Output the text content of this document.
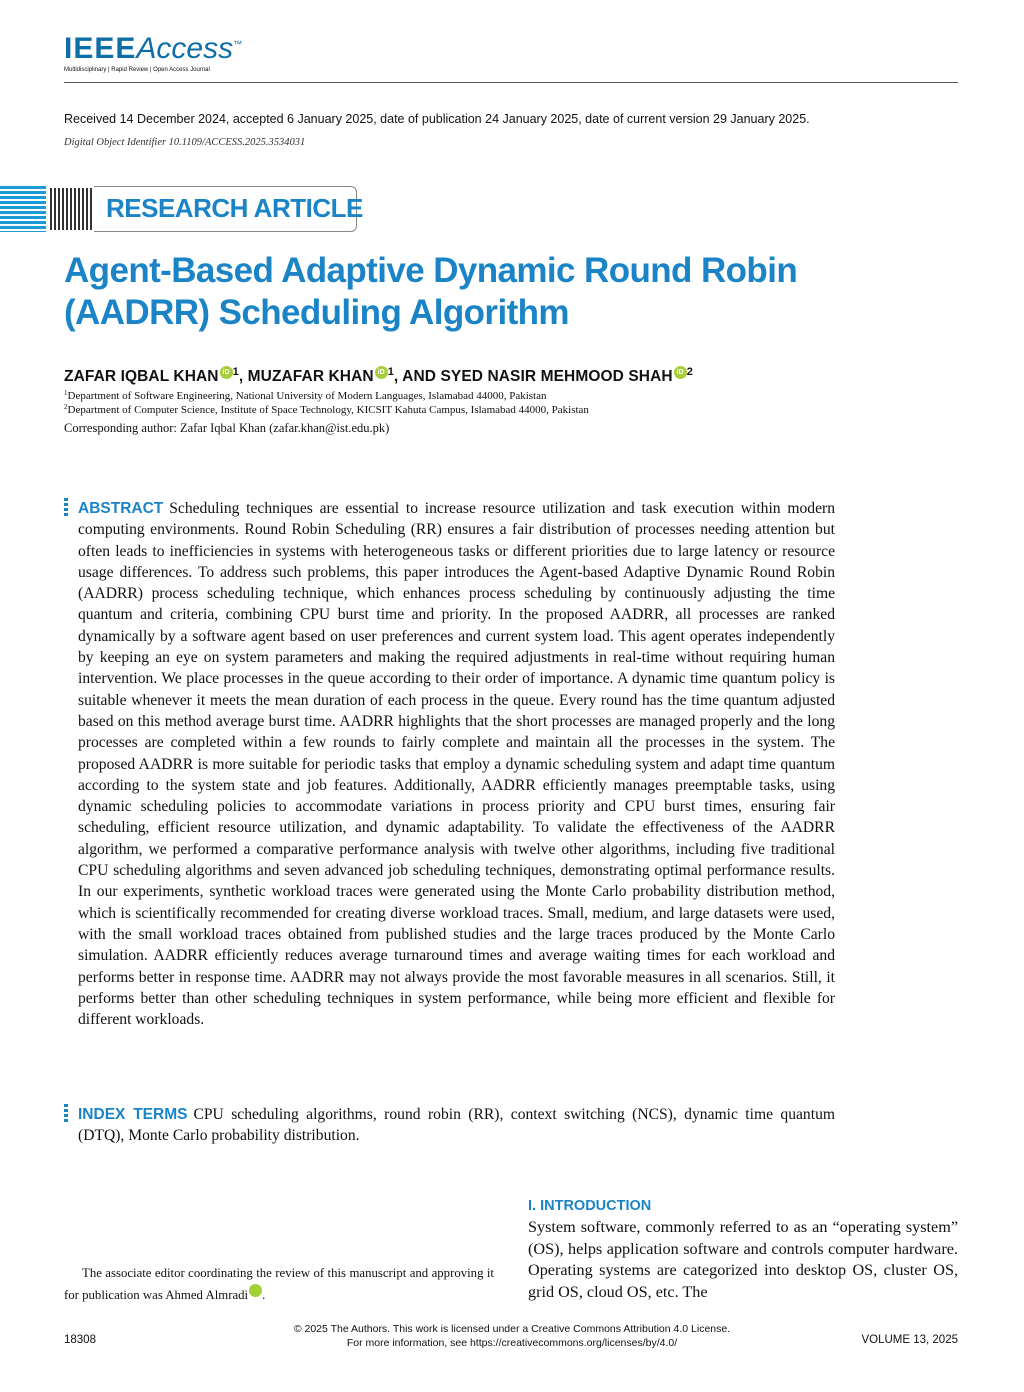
IEEEAccess™
Multidisciplinary | Rapid Review | Open Access Journal
Received 14 December 2024, accepted 6 January 2025, date of publication 24 January 2025, date of current version 29 January 2025.
Digital Object Identifier 10.1109/ACCESS.2025.3534031
RESEARCH ARTICLE
Agent-Based Adaptive Dynamic Round Robin (AADRR) Scheduling Algorithm
ZAFAR IQBAL KHAN iD $^1$, MUZAFAR KHAN iD $^1$, AND SYED NASIR MEHMOOD SHAH iD $^2$
$^1$Department of Software Engineering, National University of Modern Languages, Islamabad 44000, Pakistan
$^2$Department of Computer Science, Institute of Space Technology, KICSIT Kahuta Campus, Islamabad 44000, Pakistan
Corresponding author: Zafar Iqbal Khan (zafar.khan@ist.edu.pk)
ABSTRACT Scheduling techniques are essential to increase resource utilization and task execution within modern computing environments. Round Robin Scheduling (RR) ensures a fair distribution of processes needing attention but often leads to inefficiencies in systems with heterogeneous tasks or different priorities due to large latency or resource usage differences. To address such problems, this paper introduces the Agent-based Adaptive Dynamic Round Robin (AADRR) process scheduling technique, which enhances process scheduling by continuously adjusting the time quantum and criteria, combining CPU burst time and priority. In the proposed AADRR, all processes are ranked dynamically by a software agent based on user preferences and current system load. This agent operates independently by keeping an eye on system parameters and making the required adjustments in real-time without requiring human intervention. We place processes in the queue according to their order of importance. A dynamic time quantum policy is suitable whenever it meets the mean duration of each process in the queue. Every round has the time quantum adjusted based on this method average burst time. AADRR highlights that the short processes are managed properly and the long processes are completed within a few rounds to fairly complete and maintain all the processes in the system. The proposed AADRR is more suitable for periodic tasks that employ a dynamic scheduling system and adapt time quantum according to the system state and job features. Additionally, AADRR efficiently manages preemptable tasks, using dynamic scheduling policies to accommodate variations in process priority and CPU burst times, ensuring fair scheduling, efficient resource utilization, and dynamic adaptability. To validate the effectiveness of the AADRR algorithm, we performed a comparative performance analysis with twelve other algorithms, including five traditional CPU scheduling algorithms and seven advanced job scheduling techniques, demonstrating optimal performance results. In our experiments, synthetic workload traces were generated using the Monte Carlo probability distribution method, which is scientifically recommended for creating diverse workload traces. Small, medium, and large datasets were used, with the small workload traces obtained from published studies and the large traces produced by the Monte Carlo simulation. AADRR efficiently reduces average turnaround times and average waiting times for each workload and performs better in response time. AADRR may not always provide the most favorable measures in all scenarios. Still, it performs better than other scheduling techniques in system performance, while being more efficient and flexible for different workloads.
INDEX TERMS CPU scheduling algorithms, round robin (RR), context switching (NCS), dynamic time quantum (DTQ), Monte Carlo probability distribution.
I. INTRODUCTION
System software, commonly referred to as an “operating system” (OS), helps application software and controls computer hardware. Operating systems are categorized into desktop OS, cluster OS, grid OS, cloud OS, etc. The
The associate editor coordinating the review of this manuscript and approving it for publication was Ahmed Almradi	iD.
18308
© 2025 The Authors. This work is licensed under a Creative Commons Attribution 4.0 License.
For more information, see https://creativecommons.org/licenses/by/4.0/	VOLUME 13, 2025
